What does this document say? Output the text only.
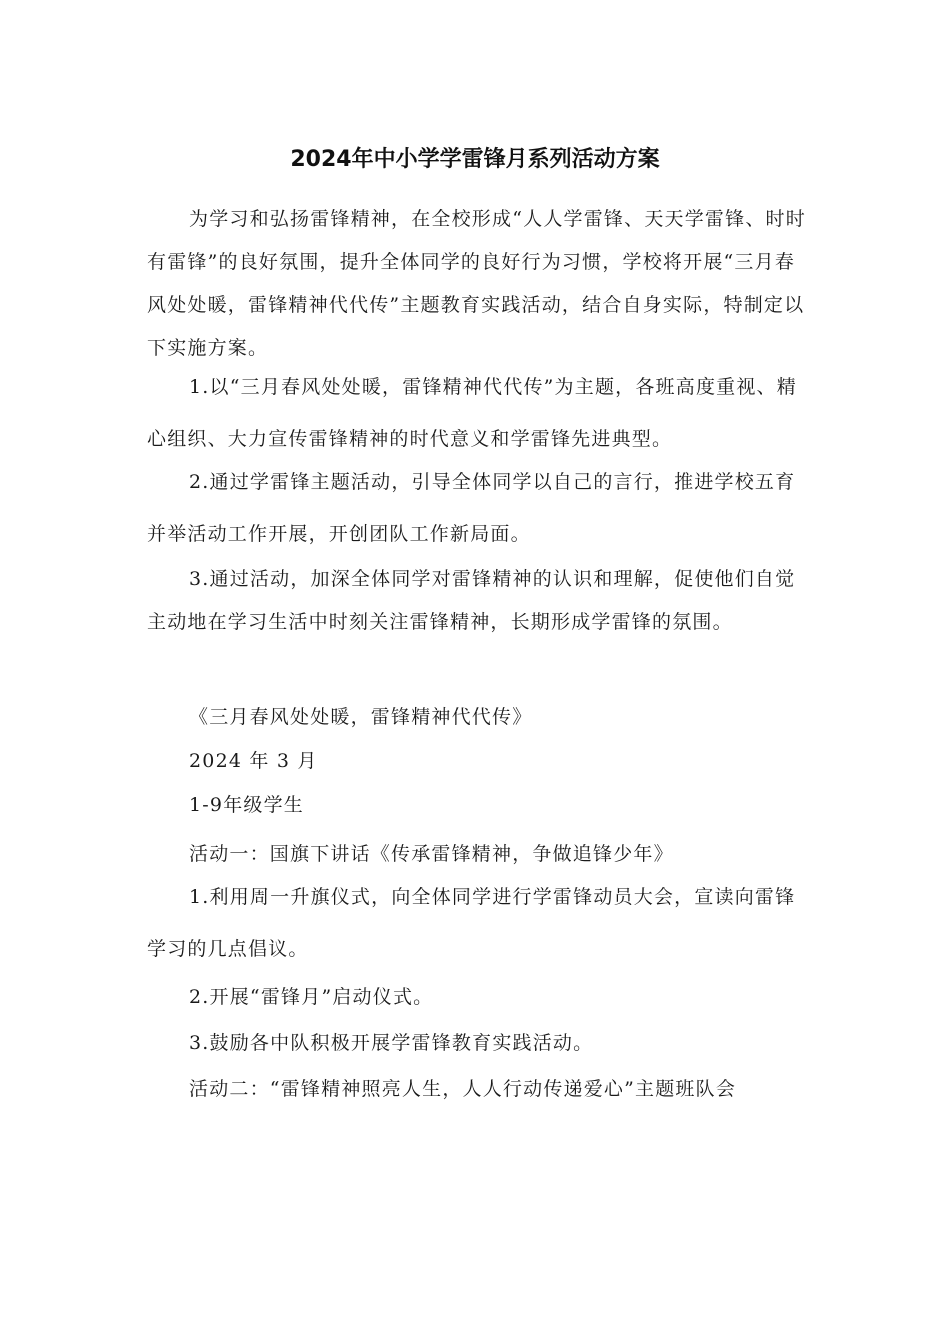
2024年中小学学雷锋月系列活动方案

为学习和弘扬雷锋精神，在全校形成“人人学雷锋、天天学雷锋、时时有雷锋”的良好氛围，提升全体同学的良好行为习惯，学校将开展“三月春风处处暖，雷锋精神代代传”主题教育实践活动，结合自身实际，特制定以下实施方案。

1.以“三月春风处处暖，雷锋精神代代传”为主题，各班高度重视、精心组织、大力宣传雷锋精神的时代意义和学雷锋先进典型。

2.通过学雷锋主题活动，引导全体同学以自己的言行，推进学校五育并举活动工作开展，开创团队工作新局面。

3.通过活动，加深全体同学对雷锋精神的认识和理解，促使他们自觉主动地在学习生活中时刻关注雷锋精神，长期形成学雷锋的氛围。

《三月春风处处暖，雷锋精神代代传》

2024 年 3 月

1-9年级学生

活动一：国旗下讲话《传承雷锋精神，争做追锋少年》

1.利用周一升旗仪式，向全体同学进行学雷锋动员大会，宣读向雷锋学习的几点倡议。

2.开展“雷锋月”启动仪式。

3.鼓励各中队积极开展学雷锋教育实践活动。

活动二：“雷锋精神照亮人生，人人行动传递爱心”主题班队会
